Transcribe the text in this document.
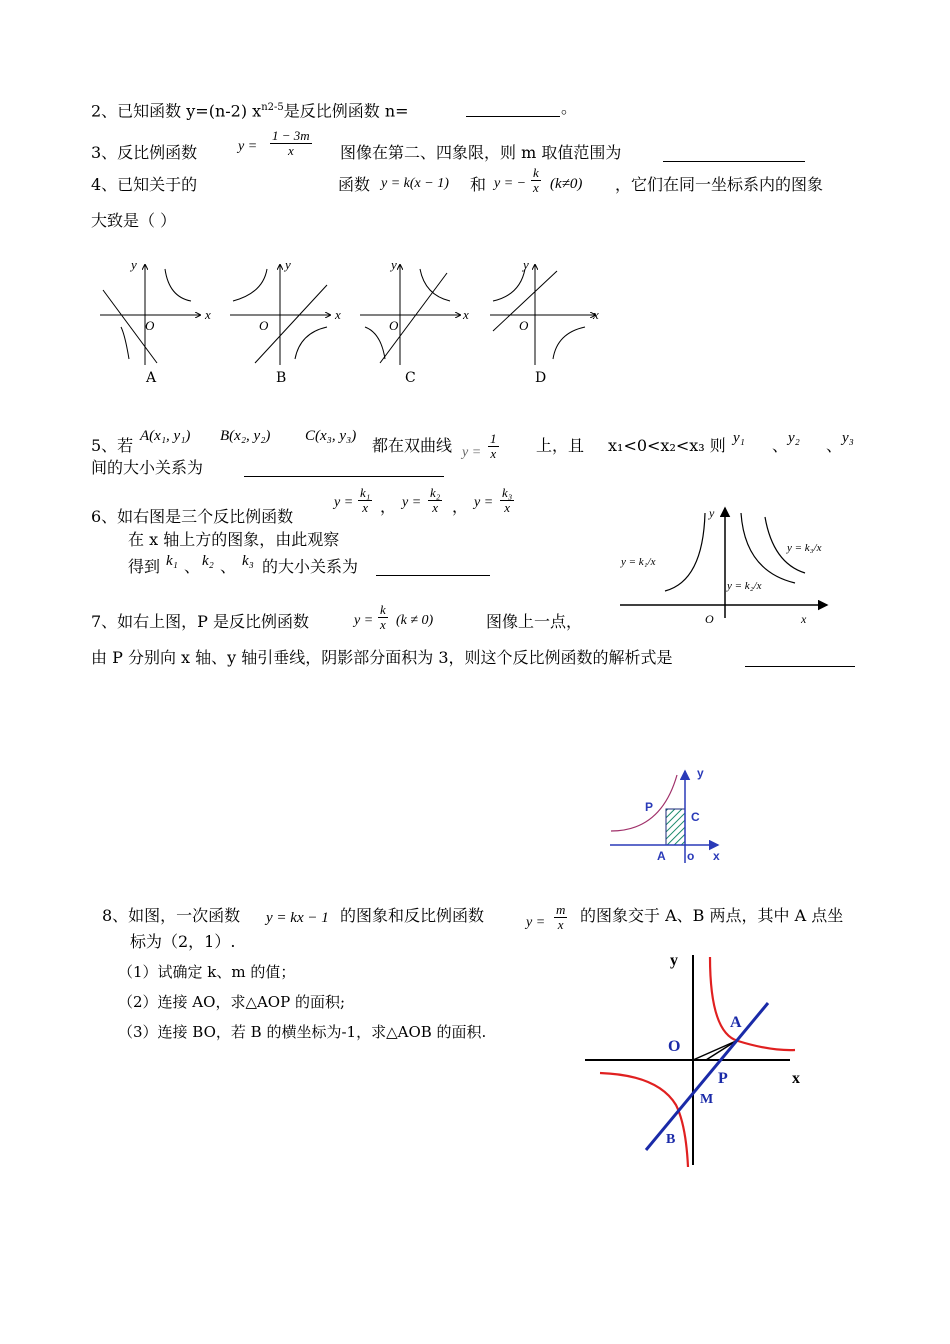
2、已知函数 y=(n-2) $x^{n2-5}$是反比例函数 n=	。
3、反比例函数	$y = \frac{1 - 3m}{x}$ 图像在第二、四象限，则 m 取值范围为
4、已知关于的	函数 y = k(x − 1) 和 y = − $\frac{k}{x} (k\ne 0)$ ，它们在同一坐标系内的图象
大致是（ ）
y
x
O
y
x
O
y
x
O
y
x
O
A	B	C	D
5、若 A(x₁, y₁) B(x₂, y₂) C(x₃, y₃) 都在双曲线 $y = \frac{1}{x}$ 上，且 x₁<0<x₂<x₃ 则 y₁ 、 y₂ 、 y₃
间的大小关系为
6、如右图是三个反比例函数
$y = \frac{\text{k₁}}{x}$ ， $y = \frac{\text{k₂}}{x}$ ， $y = \frac{\text{k₃}}{x}$
在 x 轴上方的图象，由此观察
得到 k₁ 、 k₂ 、 k₃ 的大小关系为
y
x
O
y = k₁/x
y = k₂/x
y = k₃/x
7、如右上图，P 是反比例函数	$y = \frac{k}{x} (k \ne 0)$	图像上一点，
由 P 分别向 x 轴、y 轴引垂线，阴影部分面积为 3，则这个反比例函数的解析式是
y
x
P
C
A o
8、如图，一次函数 y = kx − 1 的图象和反比例函数	$y = \frac{m}{x}$ 的图象交于 A、B 两点，其中 A 点坐
标为（2，1）.
（1）试确定 k、m 的值；
（2）连接 AO，求△AOP 的面积;
（3）连接 BO，若 B 的横坐标为-1，求△AOB 的面积.
y
x
O
A
P
M
B
